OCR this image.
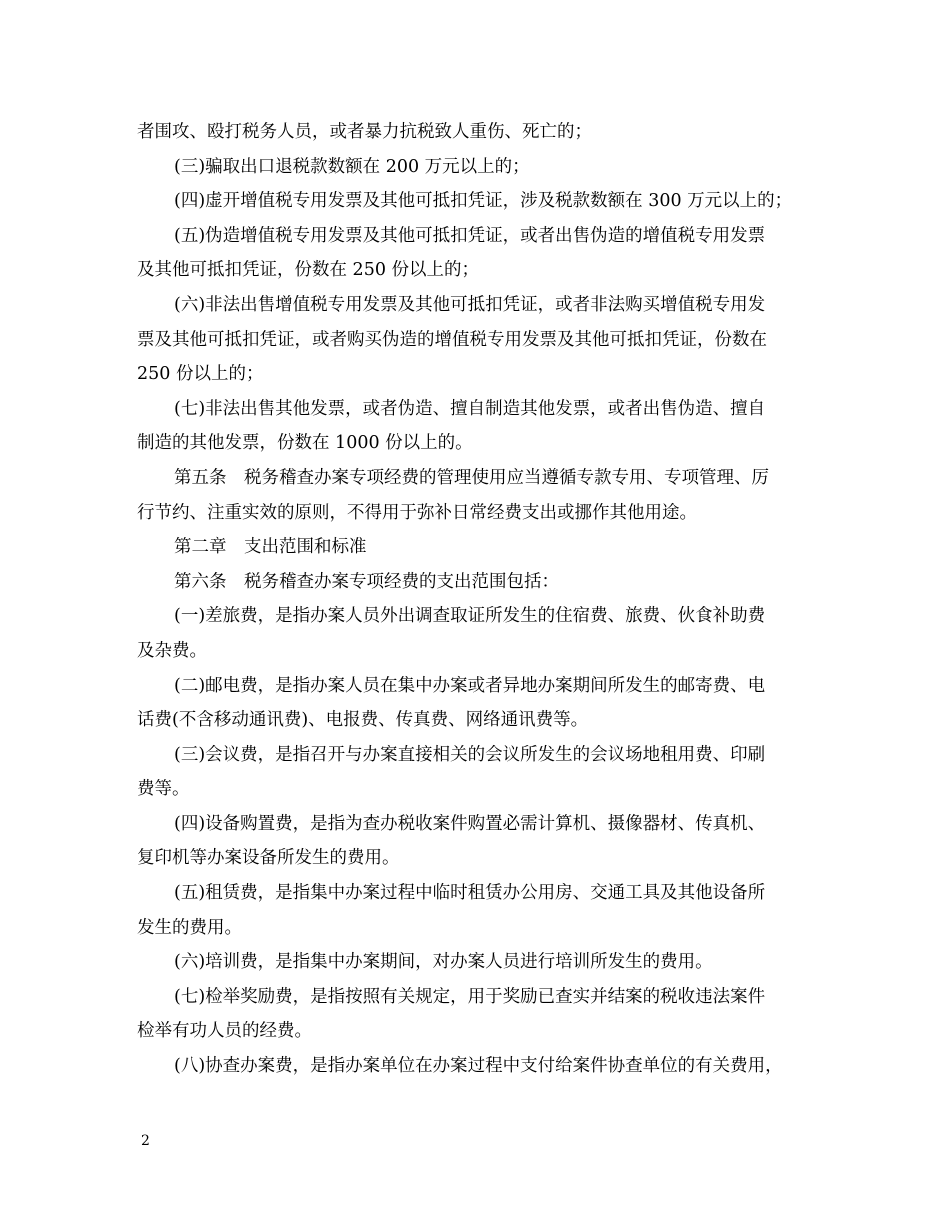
者围攻、殴打税务人员，或者暴力抗税致人重伤、死亡的；
(三)骗取出口退税款数额在 200 万元以上的；
(四)虚开增值税专用发票及其他可抵扣凭证，涉及税款数额在 300 万元以上的；
(五)伪造增值税专用发票及其他可抵扣凭证，或者出售伪造的增值税专用发票
及其他可抵扣凭证，份数在 250 份以上的；
(六)非法出售增值税专用发票及其他可抵扣凭证，或者非法购买增值税专用发
票及其他可抵扣凭证，或者购买伪造的增值税专用发票及其他可抵扣凭证，份数在
250 份以上的；
(七)非法出售其他发票，或者伪造、擅自制造其他发票，或者出售伪造、擅自
制造的其他发票，份数在 1000 份以上的。
第五条　税务稽查办案专项经费的管理使用应当遵循专款专用、专项管理、厉
行节约、注重实效的原则，不得用于弥补日常经费支出或挪作其他用途。
第二章　支出范围和标准
第六条　税务稽查办案专项经费的支出范围包括：
(一)差旅费，是指办案人员外出调查取证所发生的住宿费、旅费、伙食补助费
及杂费。
(二)邮电费，是指办案人员在集中办案或者异地办案期间所发生的邮寄费、电
话费(不含移动通讯费)、电报费、传真费、网络通讯费等。
(三)会议费，是指召开与办案直接相关的会议所发生的会议场地租用费、印刷
费等。
(四)设备购置费，是指为查办税收案件购置必需计算机、摄像器材、传真机、
复印机等办案设备所发生的费用。
(五)租赁费，是指集中办案过程中临时租赁办公用房、交通工具及其他设备所
发生的费用。
(六)培训费，是指集中办案期间，对办案人员进行培训所发生的费用。
(七)检举奖励费，是指按照有关规定，用于奖励已查实并结案的税收违法案件
检举有功人员的经费。
(八)协查办案费，是指办案单位在办案过程中支付给案件协查单位的有关费用，
2
